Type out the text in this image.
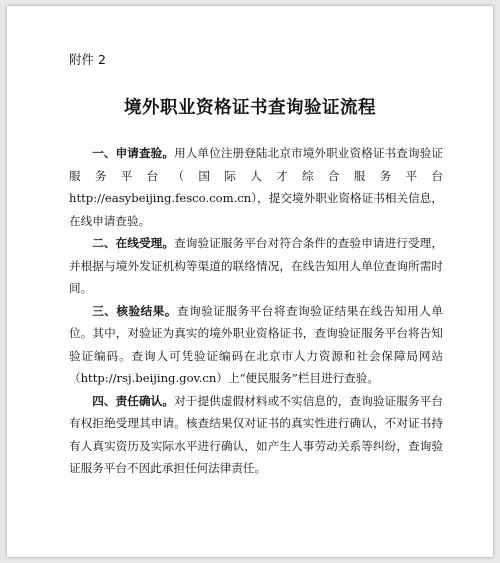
附件 2
境外职业资格证书查询验证流程

一、申请查验。用人单位注册登陆北京市境外职业资格证书查询验证服务平台（国际人才综合服务平台 http://easybeijing.fesco.com.cn），提交境外职业资格证书相关信息，在线申请查验。

二、在线受理。查询验证服务平台对符合条件的查验申请进行受理，并根据与境外发证机构等渠道的联络情况，在线告知用人单位查询所需时间。

三、核验结果。查询验证服务平台将查询验证结果在线告知用人单位。其中，对验证为真实的境外职业资格证书，查询验证服务平台将告知验证编码。查询人可凭验证编码在北京市人力资源和社会保障局网站（http://rsj.beijing.gov.cn）上“便民服务”栏目进行查验。

四、责任确认。对于提供虚假材料或不实信息的，查询验证服务平台有权拒绝受理其申请。核查结果仅对证书的真实性进行确认，不对证书持有人真实资历及实际水平进行确认，如产生人事劳动关系等纠纷，查询验证服务平台不因此承担任何法律责任。
